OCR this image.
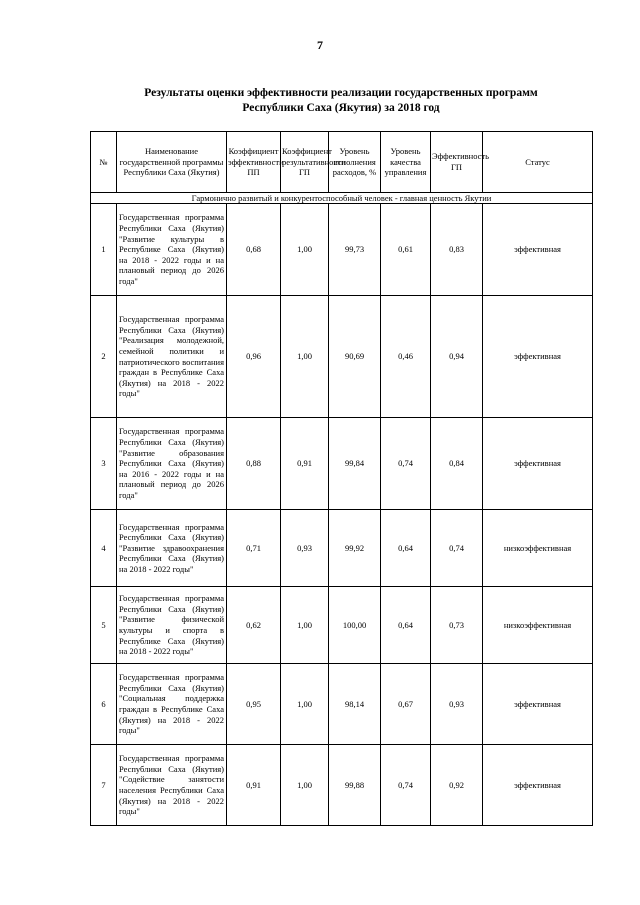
7
Результаты оценки эффективности реализации государственных программ
Республики Саха (Якутия) за 2018 год
№	Наименование государственной программы Республики Саха (Якутия)	Коэффициент эффективности ПП	Коэффициент результативности ГП	Уровень исполнения расходов, %	Уровень качества управления	Эффективность ГП	Статус
Гармонично развитый и конкурентоспособный человек - главная ценность Якутии							
1	Государственная программа Республики Саха (Якутия) "Развитие культуры в Республике Саха (Якутия) на 2018 - 2022 годы и на плановый период до 2026 года"	0,68	1,00	99,73	0,61	0,83	эффективная
2	Государственная программа Республики Саха (Якутия) "Реализация молодежной, семейной политики и патриотического воспитания граждан в Республике Саха (Якутия) на 2018 - 2022 годы"	0,96	1,00	90,69	0,46	0,94	эффективная
3	Государственная программа Республики Саха (Якутия) "Развитие образования Республики Саха (Якутия) на 2016 - 2022 годы и на плановый период до 2026 года"	0,88	0,91	99,84	0,74	0,84	эффективная
4	Государственная программа Республики Саха (Якутия) "Развитие здравоохранения Республики Саха (Якутия) на 2018 - 2022 годы"	0,71	0,93	99,92	0,64	0,74	низкоэффективная
5	Государственная программа Республики Саха (Якутия) "Развитие физической культуры и спорта в Республике Саха (Якутия) на 2018 - 2022 годы"	0,62	1,00	100,00	0,64	0,73	низкоэффективная
6	Государственная программа Республики Саха (Якутия) "Социальная поддержка граждан в Республике Саха (Якутия) на 2018 - 2022 годы"	0,95	1,00	98,14	0,67	0,93	эффективная
7	Государственная программа Республики Саха (Якутия) "Содействие занятости населения Республики Саха (Якутия) на 2018 - 2022 годы"	0,91	1,00	99,88	0,74	0,92	эффективная
